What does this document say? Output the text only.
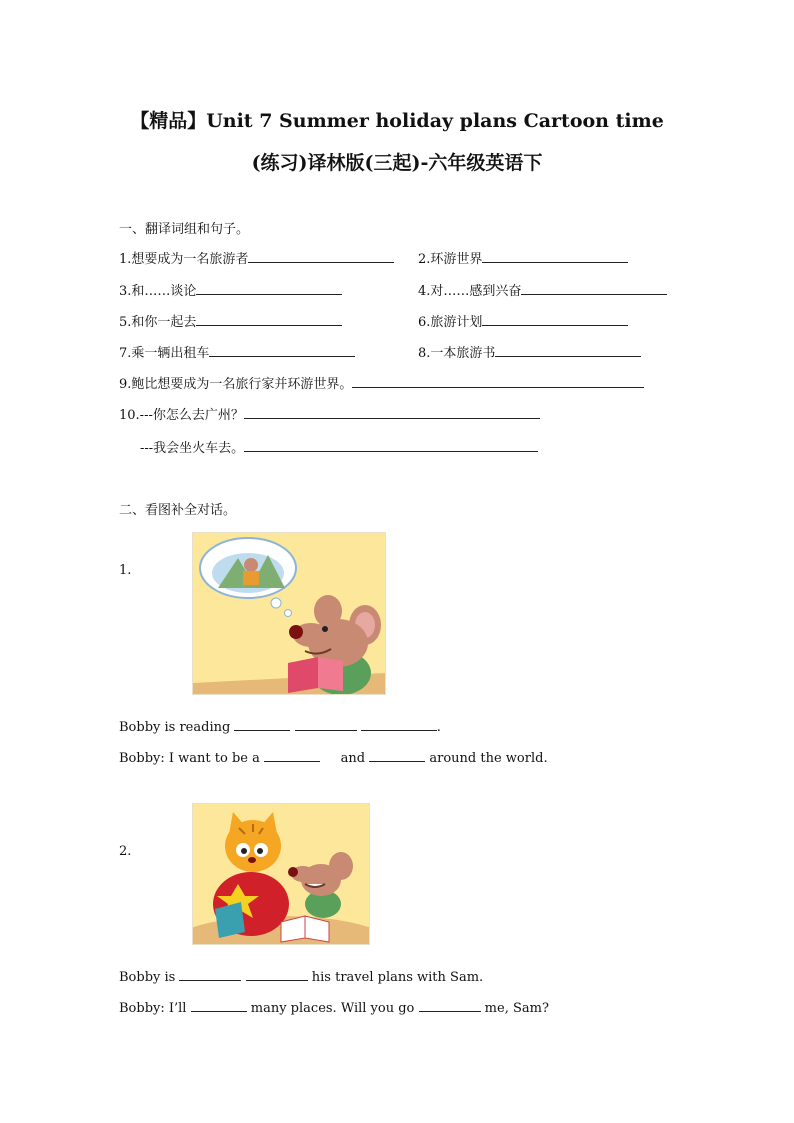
【精品】Unit 7 Summer holiday plans Cartoon time
(练习)译林版(三起)-六年级英语下
一、翻译词组和句子。
1.想要成为一名旅游者	2.环游世界
3.和……谈论	4.对……感到兴奋
5.和你一起去	6.旅游计划
7.乘一辆出租车	8.一本旅游书
9.鲍比想要成为一名旅行家并环游世界。
10.---你怎么去广州？
---我会坐火车去。
二、看图补全对话。
1.
Bobby is reading	.
Bobby: I want to be a	and	around the world.
2.
Bobby is	his travel plans with Sam.
Bobby: I’ll	many places. Will you go	me, Sam?
